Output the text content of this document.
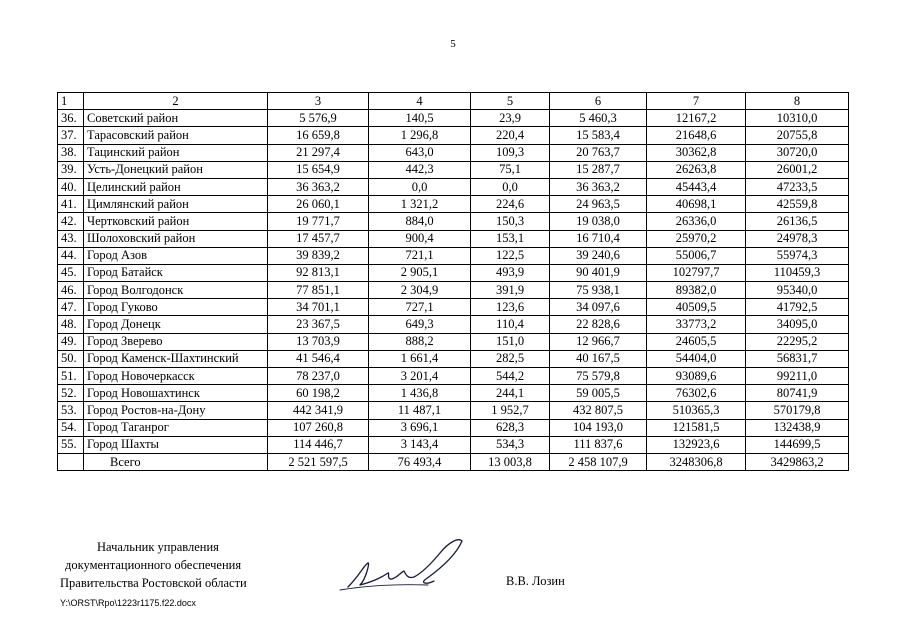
5
1	2	3	4	5	6	7	8
36.	Советский район	5 576,9	140,5	23,9	5 460,3	12167,2	10310,0
37.	Тарасовский район	16 659,8	1 296,8	220,4	15 583,4	21648,6	20755,8
38.	Тацинский район	21 297,4	643,0	109,3	20 763,7	30362,8	30720,0
39.	Усть-Донецкий район	15 654,9	442,3	75,1	15 287,7	26263,8	26001,2
40.	Целинский район	36 363,2	0,0	0,0	36 363,2	45443,4	47233,5
41.	Цимлянский район	26 060,1	1 321,2	224,6	24 963,5	40698,1	42559,8
42.	Чертковский район	19 771,7	884,0	150,3	19 038,0	26336,0	26136,5
43.	Шолоховский район	17 457,7	900,4	153,1	16 710,4	25970,2	24978,3
44.	Город Азов	39 839,2	721,1	122,5	39 240,6	55006,7	55974,3
45.	Город Батайск	92 813,1	2 905,1	493,9	90 401,9	102797,7	110459,3
46.	Город Волгодонск	77 851,1	2 304,9	391,9	75 938,1	89382,0	95340,0
47.	Город Гуково	34 701,1	727,1	123,6	34 097,6	40509,5	41792,5
48.	Город Донецк	23 367,5	649,3	110,4	22 828,6	33773,2	34095,0
49.	Город Зверево	13 703,9	888,2	151,0	12 966,7	24605,5	22295,2
50.	Город Каменск-Шахтинский	41 546,4	1 661,4	282,5	40 167,5	54404,0	56831,7
51.	Город Новочеркасск	78 237,0	3 201,4	544,2	75 579,8	93089,6	99211,0
52.	Город Новошахтинск	60 198,2	1 436,8	244,1	59 005,5	76302,6	80741,9
53.	Город Ростов-на-Дону	442 341,9	11 487,1	1 952,7	432 807,5	510365,3	570179,8
54.	Город Таганрог	107 260,8	3 696,1	628,3	104 193,0	121581,5	132438,9
55.	Город Шахты	114 446,7	3 143,4	534,3	111 837,6	132923,6	144699,5
	Всего	2 521 597,5	76 493,4	13 003,8	2 458 107,9	3248306,8	3429863,2
Начальник управления
документационного обеспечения
Правительства Ростовской области	В.В. Лозин
Y:\ORST\Rpo\1223r1175.f22.docx
